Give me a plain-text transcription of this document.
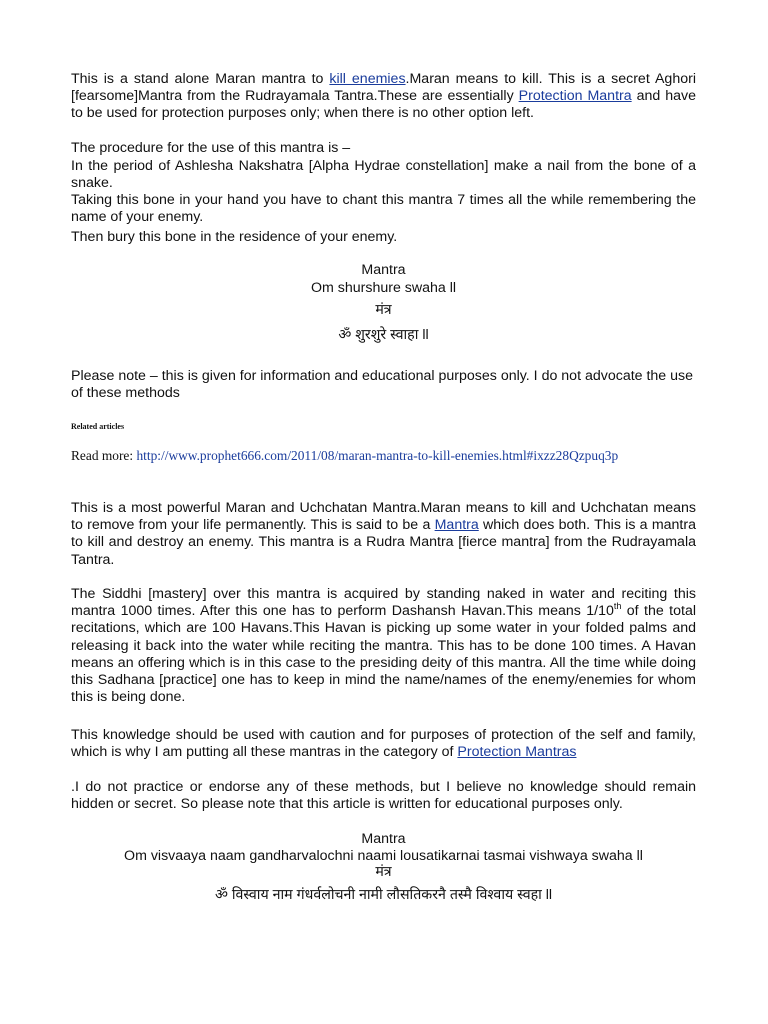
This is a stand alone Maran mantra to kill enemies.Maran means to kill. This is a secret Aghori [fearsome]Mantra from the Rudrayamala Tantra.These are essentially Protection Mantra and have to be used for protection purposes only; when there is no other option left.

The procedure for the use of this mantra is –

In the period of Ashlesha Nakshatra [Alpha Hydrae constellation] make a nail from the bone of a snake.

Taking this bone in your hand you have to chant this mantra 7 times all the while remembering the name of your enemy.

Then bury this bone in the residence of your enemy.

Mantra

Om shurshure swaha ll

मंत्र

ॐ शुरशुरे स्वाहा ll

Please note – this is given for information and educational purposes only. I do not advocate the use of these methods

Related articles

Read more: http://www.prophet666.com/2011/08/maran-mantra-to-kill-enemies.html#ixzz28Qzpuq3p

This is a most powerful Maran and Uchchatan Mantra.Maran means to kill and Uchchatan means to remove from your life permanently. This is said to be a Mantra which does both. This is a mantra to kill and destroy an enemy. This mantra is a Rudra Mantra [fierce mantra] from the Rudrayamala Tantra.

The Siddhi [mastery] over this mantra is acquired by standing naked in water and reciting this mantra 1000 times. After this one has to perform Dashansh Havan.This means 1/10th of the total recitations, which are 100 Havans.This Havan is picking up some water in your folded palms and releasing it back into the water while reciting the mantra. This has to be done 100 times. A Havan means an offering which is in this case to the presiding deity of this mantra. All the time while doing this Sadhana [practice] one has to keep in mind the name/names of the enemy/enemies for whom this is being done.

This knowledge should be used with caution and for purposes of protection of the self and family, which is why I am putting all these mantras in the category of Protection Mantras

.I do not practice or endorse any of these methods, but I believe no knowledge should remain hidden or secret. So please note that this article is written for educational purposes only.

Mantra

Om visvaaya naam gandharvalochni naami lousatikarnai tasmai vishwaya swaha ll

मंत्र

ॐ विस्वाय नाम गंधर्वलोचनी नामी लौसतिकरनै तस्मै विश्वाय स्वहा ll
